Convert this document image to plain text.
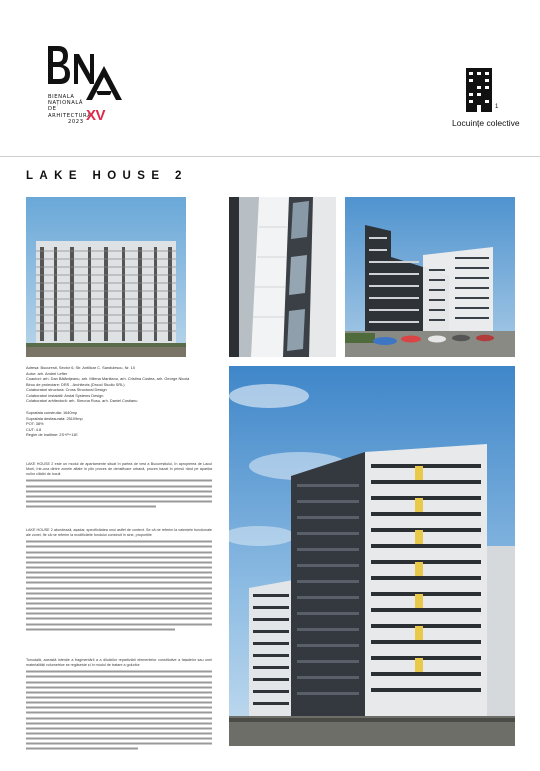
BIENALA
NAȚIONALĂ
DE
ARHITECTURĂ
2023 XV	1
Locuințe colective
LAKE HOUSE 2

Adresa: Bucuresti, Sector 6, Str. Antilicar C. Sandulescu, Nr. 10

Autor: arh. Andrei Lefter

Coautori: arh. Dan Bălăniţeanu, arh. Milena Mantianu, arh. Cristina Costea, arh. George Nicola

Birou de proiectare: DRS - Architects (Drood Studio SRL)

Colaboratori structura: Cross Structural Design

Colaboratori instalatii: Arstal Systems Design

Colaboratori arhitectură: arh. Simona Rusu, arh. Daniel Costianu

Suprafata construita: 1640mp

Suprafata desfasurata: 25109mp

POT: 38%

CUT: 4.8

Regim de inaltime: 2S+P+11E

LAKE HOUSE 2 este un modul de apartamente situat în partea de vest a Bucureștiului, în apropierea de Lacul Morii, într-una dintre zonele aflate în plin proces de densificare urbană, proces bazat în primul rând pe apariția noilor clădiri de locuit
LAKE HOUSE 2 abordează, așadar, specificitatea unui astfel de context. Se că ne referim la valențele funcționale ale zonei, fie că ne referim la modificările fondului construit în sine, proporțiile
Tonodală, această intenție a fragmentării a a diluărilor repartizării elementelor constitutive a fațadelor sau unei materialități volumetrice se regăsește și în modul de tratare a golurilor
